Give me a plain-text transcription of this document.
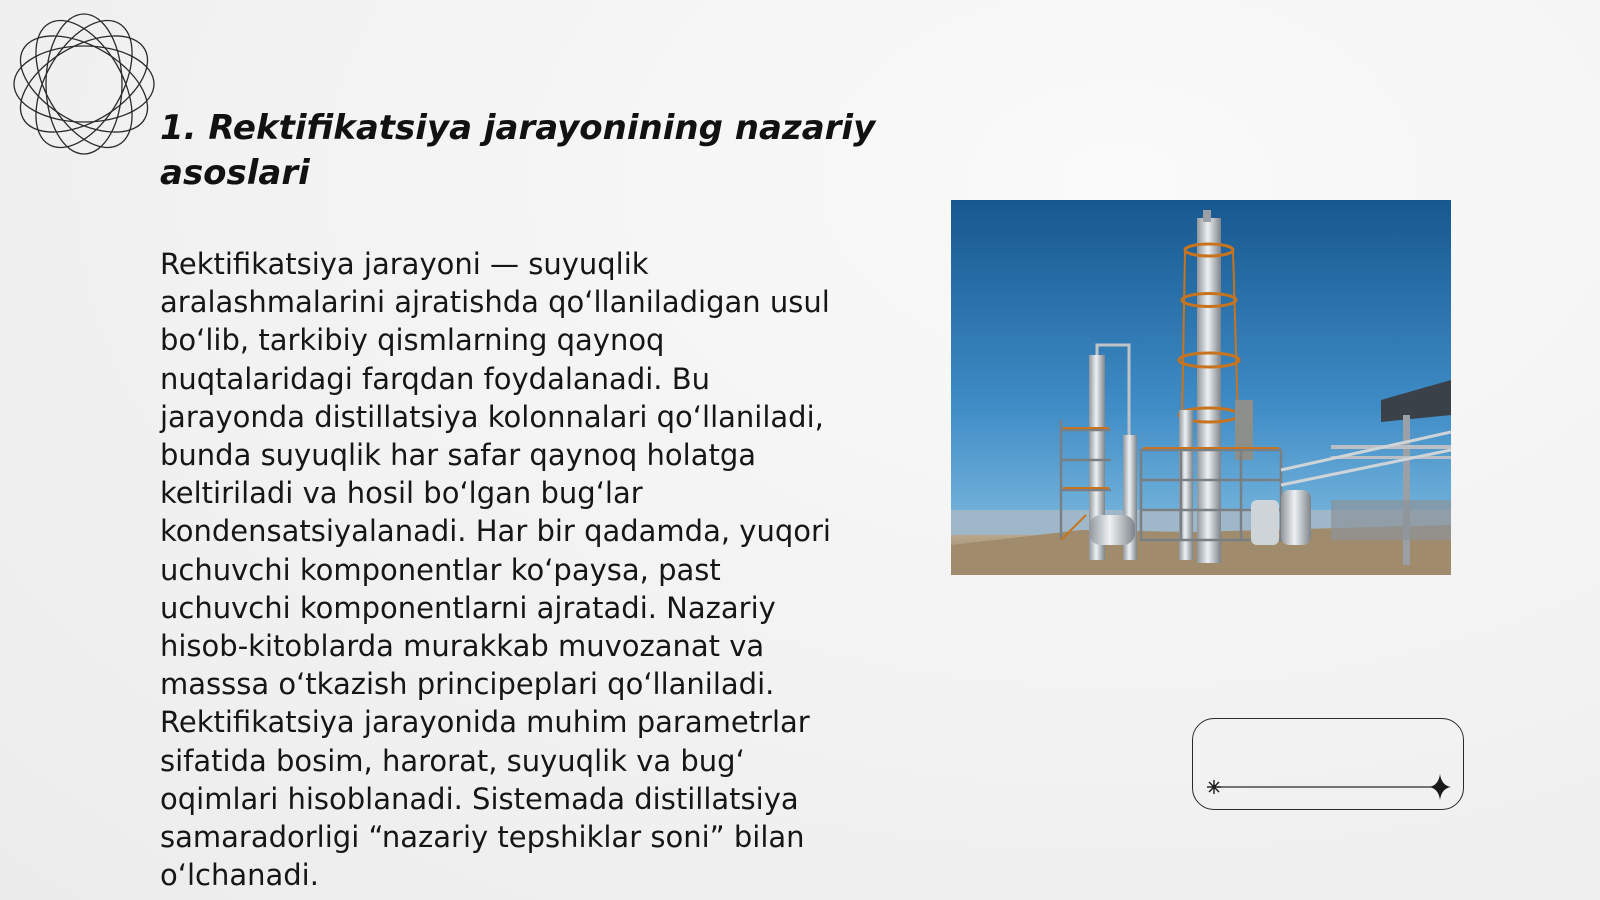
1. Rektifikatsiya jarayonining nazariy asoslari

Rektifikatsiya jarayoni — suyuqlik aralashmalarini ajratishda qo‘llaniladigan usul bo‘lib, tarkibiy qismlarning qaynoq nuqtalaridagi farqdan foydalanadi. Bu jarayonda distillatsiya kolonnalari qo‘llaniladi, bunda suyuqlik har safar qaynoq holatga keltiriladi va hosil bo‘lgan bug‘lar kondensatsiyalanadi. Har bir qadamda, yuqori uchuvchi komponentlar ko‘paysa, past uchuvchi komponentlarni ajratadi. Nazariy hisob-kitoblarda murakkab muvozanat va masssa o‘tkazish principeplari qo‘llaniladi. Rektifikatsiya jarayonida muhim parametrlar sifatida bosim, harorat, suyuqlik va bug‘ oqimlari hisoblanadi. Sistemada distillatsiya samaradorligi “nazariy tepshiklar soni” bilan o‘lchanadi.
